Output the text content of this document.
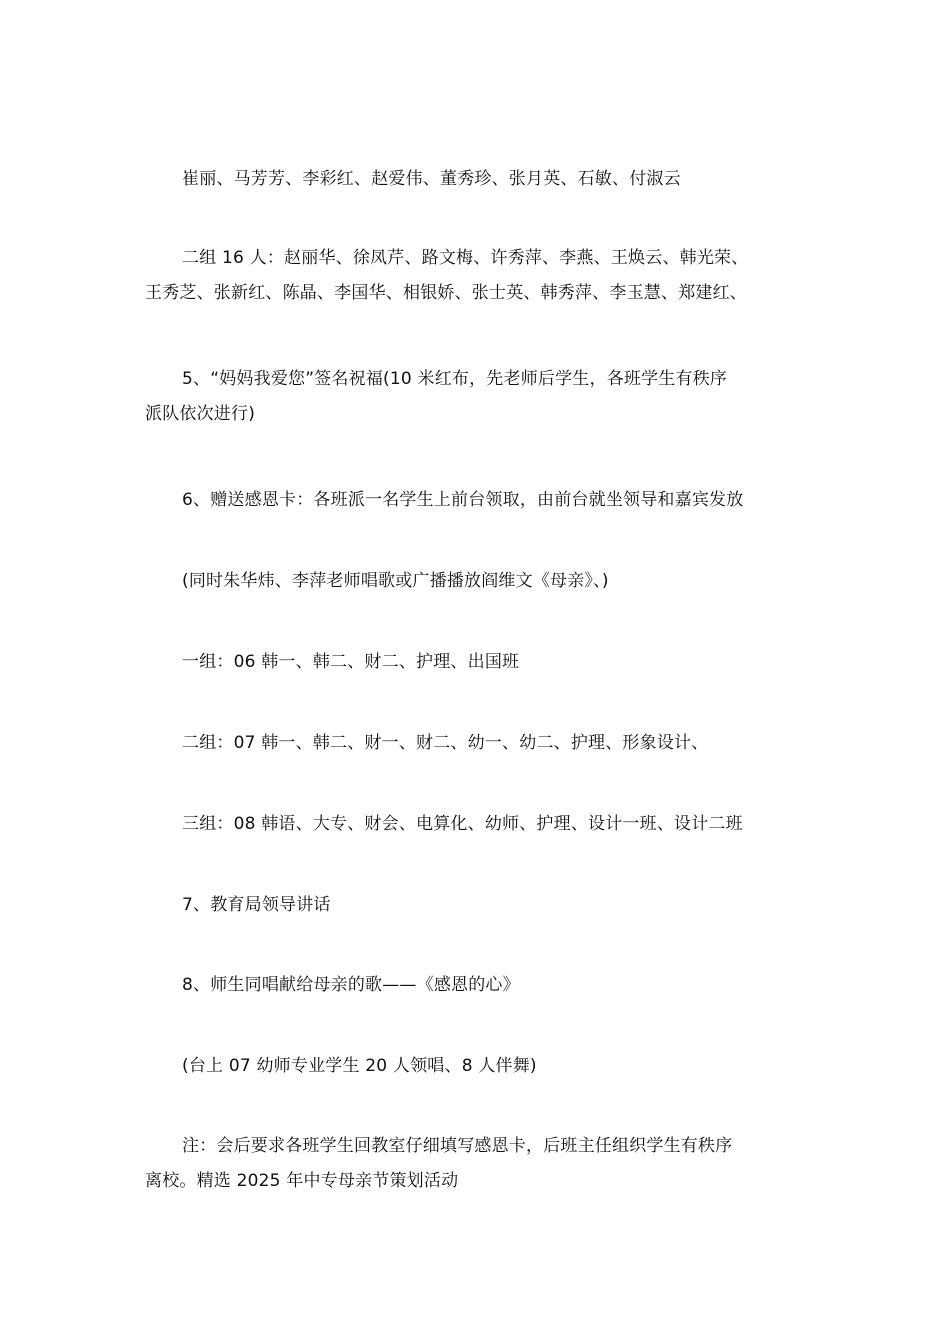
崔丽、马芳芳、李彩红、赵爱伟、董秀珍、张月英、石敏、付淑云
二组 16 人：赵丽华、徐凤芹、路文梅、许秀萍、李燕、王焕云、韩光荣、
王秀芝、张新红、陈晶、李国华、相银娇、张士英、韩秀萍、李玉慧、郑建红、
5、“妈妈我爱您”签名祝福(10 米红布，先老师后学生，各班学生有秩序
派队依次进行)
6、赠送感恩卡：各班派一名学生上前台领取，由前台就坐领导和嘉宾发放
(同时朱华炜、李萍老师唱歌或广播播放阎维文《母亲》、)
一组：06 韩一、韩二、财二、护理、出国班
二组：07 韩一、韩二、财一、财二、幼一、幼二、护理、形象设计、
三组：08 韩语、大专、财会、电算化、幼师、护理、设计一班、设计二班
7、教育局领导讲话
8、师生同唱献给母亲的歌——《感恩的心》
(台上 07 幼师专业学生 20 人领唱、8 人伴舞)
注：会后要求各班学生回教室仔细填写感恩卡，后班主任组织学生有秩序
离校。精选 2025 年中专母亲节策划活动
